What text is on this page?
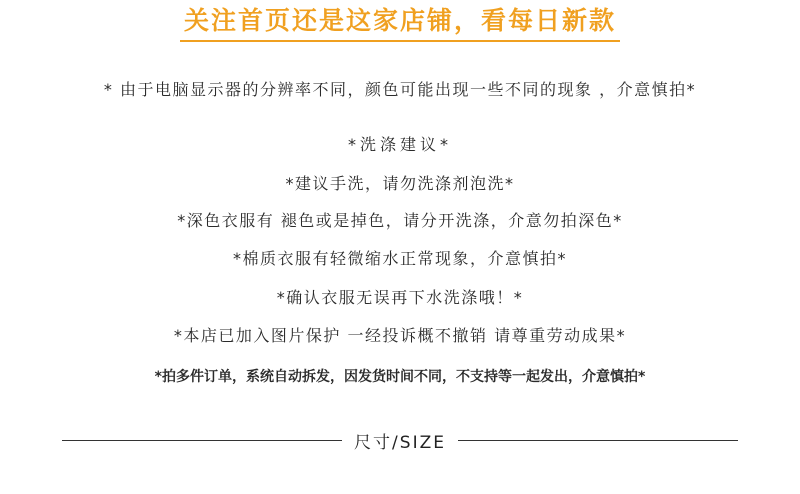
关注首页还是这家店铺，看每日新款
* 由于电脑显示器的分辨率不同，颜色可能出现一些不同的现象 ，介意慎拍*
*洗涤建议*
*建议手洗，请勿洗涤剂泡洗*
*深色衣服有 褪色或是掉色，请分开洗涤，介意勿拍深色*
*棉质衣服有轻微缩水正常现象，介意慎拍*
*确认衣服无误再下水洗涤哦！*
*本店已加入图片保护 一经投诉概不撤销 请尊重劳动成果*
*拍多件订单，系统自动拆发，因发货时间不同，不支持等一起发出，介意慎拍*
尺寸/SIZE
